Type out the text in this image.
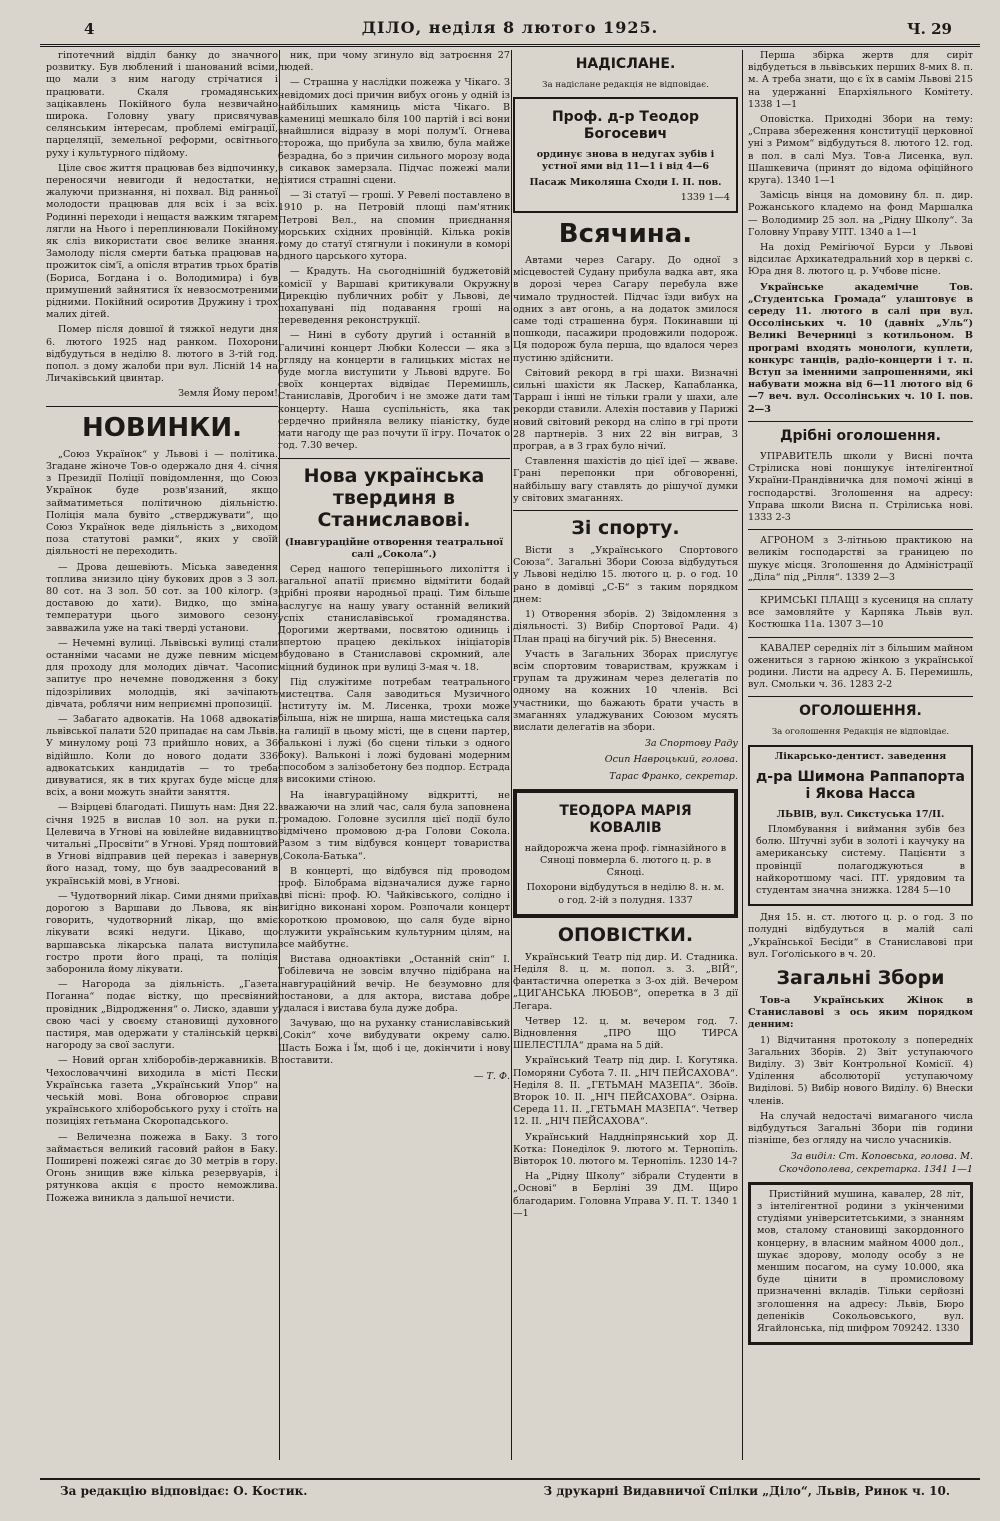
4	ДІЛО, неділя 8 лютого 1925.	Ч. 29

гіпотечний відділ банку до значного розвитку. Був люблений і шанований всіми, що мали з ним нагоду стрічатися і працювати. Скаля громадянських зацікавлень Покійного була незвичайно широка. Головну увагу присвячував селянським інтересам, проблемі еміграції, парцеляції, земельної реформи, освітнього руху і культурного підйому.

Ціле своє життя працював без відпочинку, переносячи невигоди й недостатки, не жалуючи признання, ні похвал. Від ранньої молодости працював для всіх і за всіх. Родинні переходи і нещастя важким тягарем лягли на Нього і переплинювали Покійному як сліз використати своє велике знання. Замолоду після смерти батька працював на прожиток сім'ї, а опісля втратив трьох братів (Бориса, Богдана і о. Володимира) і був примушений зайнятися їх невзосмотреними рідними. Покійний осиротив Дружину і трох малих дітей.

Помер після довшої й тяжкої недуги дня 6. лютого 1925 над ранком. Похорони відбудуться в неділю 8. лютого в 3-тій год. попол. з дому жалоби при вул. Лісній 14 на Личаківський цвинтар.

Земля Йому пером!

НОВИНКИ.

„Союз Українок“ у Львові і — політика. Згадане жіноче Тов-о одержало дня 4. січня з Президії Поліції повідомлення, що Союз Українок буде розв'язаний, якщо займатиметься політичною діяльністю. Поліція мала бувіто „стверджувати“, що Союз Українок веде діяльність з „виходом поза статутові рамки“, яких у своїй діяльності не переходить.

— Дрова дешевіють. Міська заведення топлива знизило ціну букових дров з 3 зол. 80 сот. на 3 зол. 50 сот. за 100 кілогр. (з доставою до хати). Видко, що зміна температури цього зимового сезону завважила уже на такі тверді установи.

— Нечемні вулиці. Львівські вулиці стали останніми часами не дуже певним місцем для проходу для молодих дівчат. Часопис запитує про нечемне поводження з боку підозріливих молодців, які зачіпають дівчата, роблячи ним неприємні пропозиції.

— Забагато адвокатів. На 1068 адвокатів львівської палати 520 припадає на сам Львів. У минулому році 73 прийшло нових, а 36 відійшло. Коли до нового додати 336 адвокатських кандидатів — то треба дивуватися, як в тих кругах буде місце для всіх, а вони можуть знайти заняття.

— Взірцеві благодаті. Пишуть нам: Дня 22. січня 1925 в вислав 10 зол. на руки п. Целевича в Угнові на ювілейне видавництво читальні „Просвіти“ в Угнові. Уряд поштовий в Угнові відправив цей переказ і завернув його назад, тому, що був заадресований в українській мові, в Угнові.

— Чудотворний лікар. Сими днями приїхав дорогою з Варшави до Львова, як він говорить, чудотворний лікар, що вміє лікувати всякі недуги. Цікаво, що варшавська лікарська палата виступила гостро проти його праці, та поліція заборонила йому лікувати.

— Нагорода за діяльність. „Газета Поганна“ подає вістку, що пресвіяний провідник „Відродження“ о. Лиско, здавши у свою часі у своєму становищі духовного пастиря, мав одержати у сталінській церкві нагороду за свої заслуги.

— Новий орган хліборобів-державників. В Чехословаччині виходила в місті Пєски Українська газета „Український Упор“ на чеській мові. Вона обговорює справи українського хліборобського руху і стоїть на позиціях гетьмана Скоропадського.

— Величезна пожежа в Баку. З того займається великий гасовий район в Баку. Поширені пожежі сягає до 30 метрів в гору. Огонь знищив вже кілька резервуарів, і рятункова акція є просто неможлива. Пожежа виникла з дальшої нечисти.

ник, при чому згинуло від затроєння 27 людей.

— Страшна у наслідки пожежа у Чікаго. З невідомих досі причин вибух огонь у одній із найбільших камяниць міста Чікаго. В камениці мешкало біля 100 партій і всі вони знайшлися відразу в морі полум'ї. Огнева сторожа, що прибула за хвилю, була майже безрадна, бо з причин сильного морозу вода з сикавок замерзала. Підчас пожежі мали діятися страшні сцени.

— Зі статуї — гроші. У Ревелі поставлено в 1910 р. на Петровій площі пам'ятник Петрові Вел., на спомин приєднання морських східних провінцій. Кілька років тому до статуї стягнули і покинули в коморі одного царського хутора.

— Крадуть. На сьогоднішній буджетовій комісії у Варшаві критикували Окружну Дирекцію публичних робіт у Львові, де похапувані під подавання гроші на переведення реконструкції.

— Нині в суботу другий і останній в Галичині концерт Любки Колесси — яка з огляду на концерти в галицьких містах не буде могла виступити у Львові вдруге. Бо своїх концертах відвідає Перемишль, Станиславів, Дрогобич і не зможе дати там концерту. Наша суспільність, яка так сердечно прийняла велику піаністку, буде мати нагоду ще раз почути її ігру. Початок о год. 7.30 вечер.

Нова українська твердиня в Станиславові.
(Інавгураційне отворення театральної салі „Сокола“.)

Серед нашого теперішнього лихоліття і загальної апатії приємно відмітити бодай дрібні прояви народньої праці. Тим більше заслугує на нашу увагу останній великий успіх станиславівської громадянства. Дорогими жертвами, посвятою одиниць і впертою працею декількох ініціаторів збудовано в Станиславові скромний, але міцний будинок при вулиці 3-мая ч. 18.

Під служітиме потребам театрального мистецтва. Саля заводиться Музичного Інституту ім. М. Лисенка, трохи може більша, ніж не ширша, наша мистецька саля на галиції в цьому місті, ще в сцени партер, бальконі і лужі (бо сцени тільки з одного боку). Вальконі і ложі будовані модерним способом з залізобетону без подпор. Естрада з високими стіною.

На інавгураційному відкритті, не зважаючи на злий час, саля була заповнена громадою. Головне зусилля цієї події було відмічено промовою д-ра Голови Сокола. Разом з тим відбувся концерт товариства „Сокола-Батька“.

В концерті, що відбувся під проводом проф. Білобрама відзначалися дуже гарно дві пісні: проф. Ю. Чайківського, солідно і вигідно виконані хором. Розпочали концерт короткою промовою, що саля буде вірно служити українським культурним цілям, на все майбутнє.

Вистава одноактівки „Останній сніп“ І. Тобілевича не зовсім влучно підібрана на інавгураційний вечір. Не безумовно для постанови, а для актора, вистава добре удалася і вистава була дуже добра.

Зачуваю, що на руханку станиславівський „Сокіл“ хоче вибудувати окрему салю. Шасть Божа і Їм, щоб і це, докінчити і нову поставити.

— Т. Ф.
НАДІСЛАНЕ.
За надіслане редакція не відповідає.
Проф. д-р Теодор Богосевич

ординує знова в недугах зубів і устної ями від 11—1 і від 4—6

Пасаж Миколяша Сходи I. II. пов.

1339 1—4

Всячина.

Автами через Сагару. До одної з місцевостей Судану прибула вадка авт, яка в дорозі через Сагару перебула вже чимало трудностей. Підчас їзди вибух на одних з авт огонь, а на додаток змилося саме тоді страшенна буря. Покинавши ці пошкоди, пасажири продовжили подорож. Ця подорож була перша, що вдалося через пустиню здійснити.

Світовий рекорд в грі шахи. Визначні сильні шахісти як Ласкер, Капабланка, Тарраш і інші не тільки грали у шахи, але рекорди ставили. Алехін поставив у Парижі новий світовий рекорд на сліпо в грі проти 28 партнерів. З них 22 він виграв, 3 програв, а в 3 грах було нічиї.

Ставлення шахістів до цієї ідеї — жваве. Грані перепонки при обговоренні, найбільшу вагу ставлять до рішучої думки у світових змаганнях.

Зі спорту.

Вісти з „Українського Спортового Союза“. Загальні Збори Союза відбудуться у Львові неділю 15. лютого ц. р. о год. 10 рано в домівці „С-Б“ з таким порядком днем:

1) Отворення зборів. 2) Звідомлення з діяльності. 3) Вибір Спортової Ради. 4) План праці на бігучий рік. 5) Внесення.

Участь в Загальних Зборах приcлугує всім спортовим товариствам, кружкам і групам та дружинам через делегатів по одному на кожних 10 членів. Всі участники, що бажають брати участь в змаганнях уладжуваних Союзом мусять вислати делегатів на збори.

За Спортову Раду

Осип Навроцький, голова.

Тарас Франко, секретар.

ТЕОДОРА МАРІЯ КОВАЛІВ

найдорожча жена проф. гімназійного в Сяноці повмерла 6. лютого ц. р. в Сяноці.

Похорони відбудуться в неділю 8. н. м. о год. 2-ій з полудня. 1337

ОПОВІСТКИ.

Український Театр під дир. И. Стадника. Неділя 8. ц. м. попол. з. 3. „ВІЙ“, фантастична оперетка з 3-ох дій. Вечером „ЦИГАНСЬКА ЛЮБОВ“, оперетка в 3 дії Легара.

Четвер 12. ц. м. вечером год. 7. Відновлення „ПРО ЩО ТИРСА ШЕЛЕСТІЛА“ драма на 5 дій.

Український Театр під дир. І. Когутяка. Поморяни Субота 7. II. „НІЧ ПЕЙСАХОВА“. Неділя 8. II. „ГЕТЬМАН МАЗЕПА“. Збоїв. Второк 10. II. „НІЧ ПЕЙСАХОВА“. Озірна. Середа 11. II. „ГЕТЬМАН МАЗЕПА“. Четвер 12. II. „НІЧ ПЕЙСАХОВА“.

Український Наддніпрянський хор Д. Котка: Понеділок 9. лютого м. Тернопіль. Вівторок 10. лютого м. Тернопіль. 1230 14-?

На „Рідну Школу“ зібрали Студенти в „Основі“ в Берліні 39 ДМ. Щиро благодарим. Головна Управа У. П. Т. 1340 1—1

Перша збірка жертв для сиріт відбудеться в львівських перших 8-мих 8. п. м. А треба знати, що є їх в самім Львові 215 на удержанні Епархіяльного Комітету. 1338 1—1

Оповістка. Приходні Збори на тему: „Справа збереження конституції церковної уні з Римом“ відбудуться 8. лютого 12. год. в пол. в салі Муз. Тов-а Лисенка, вул. Шашкевича (принят до відома офіційного круга). 1340 1—1

Замісць вінця на домовину бл. п. дир. Рожанського кладемо на фонд Маршалка — Володимир 25 зол. на „Рідну Школу“. За Головну Управу УПТ. 1340 а 1—1

На дохід Ремігіючої Бурси у Львові відсилає Архикатедральний хор в церкві с. Юра дня 8. лютого ц. р. Учбове пісне.

Українське академічне Тов. „Студентська Громада“ улаштовує в середу 11. лютого в салі при вул. Оссолінських ч. 10 (давніх „Уль“) Великі Вечерниці з котильоном. В програмі входять монологи, куплети, конкурс танців, радіо-концерти і т. п. Вступ за іменними запрошеннями, які набувати можна від 6—11 лютого від 6—7 веч. вул. Оссолінських ч. 10 I. пов. 2—3

Дрібні оголошення.

УПРАВИТЕЛЬ школи у Висні почта Стрілиска нові поншукує інтелігентної України-Прандівничка для помочі жінці в господарстві. Зголошення на адресу: Управа школи Висна п. Стрілиська нові. 1333 2-3

АГРОНОМ з 3-літньою практикою на великім господарстві за границею по шукує місця. Зголошення до Адміністрації „Діла“ під „Рілля“. 1339 2—3

КРИМСЬКІ ПЛАЩІ з кусениця на сплату все замовляйте у Карпяка Львів вул. Костюшка 11а. 1307 3—10

КАВАЛЕР середніх літ з більшим майном ожениться з гарною жінкою з української родини. Листи на адресу А. Б. Перемишль, вул. Смольки ч. 36. 1283 2-2

ОГОЛОШЕННЯ.
За оголошення Редакція не відповідає.

Лікарсько-дентист. заведення

д-ра Шимона Раппапорта і Якова Насса

ЛЬВІВ, вул. Сикстуська 17/II.

Пломбування і виймання зубів без болю. Штучні зуби в золоті і каучуку на американську систему. Пацієнти з провінції полагоджуються в найкоротшому часі. ПТ. урядовим та студентам значна знижка. 1284 5—10

Дня 15. н. ст. лютого ц. р. о год. 3 по полудні відбудуться в малій салі „Української Бесіди“ в Станиславові при вул. Гоґоліського в ч. 20.

Загальні Збори

Тов-а Українських Жінок в Станиславові з ось яким порядком денним:

1) Відчитання протоколу з попередніх Загальних Зборів. 2) Звіт уступаючого Виділу. 3) Звіт Контрольної Комісії. 4) Уділення абсолюторії уступаючому Виділові. 5) Вибір нового Виділу. 6) Внески членів.

На случай недостачі вимаганого числа відбудуться Загальні Збори пів години пізніше, без огляду на число учасників.

За виділ: Ст. Коповська, голова. М. Скочдополева, секретарка. 1341 1—1

Пристійний мушина, кавалер, 28 літ, з інтелігентної родини з укінченими студіями університетськими, з знанням мов, сталому становищі закордонного концерну, в власним майном 4000 дол., шукає здорову, молоду особу з не меншим посагом, на суму 10.000, яка буде цінити в промисловому призначенні вкладів. Тільки серйозні зголошення на адресу: Львів, Бюро депеніків Сокольовського, вул. Ягайлонська, під шифром 709242. 1330

За редакцію відповідає: О. Костик.	З друкарні Видавничої Спілки „Діло“, Львів, Ринок ч. 10.
